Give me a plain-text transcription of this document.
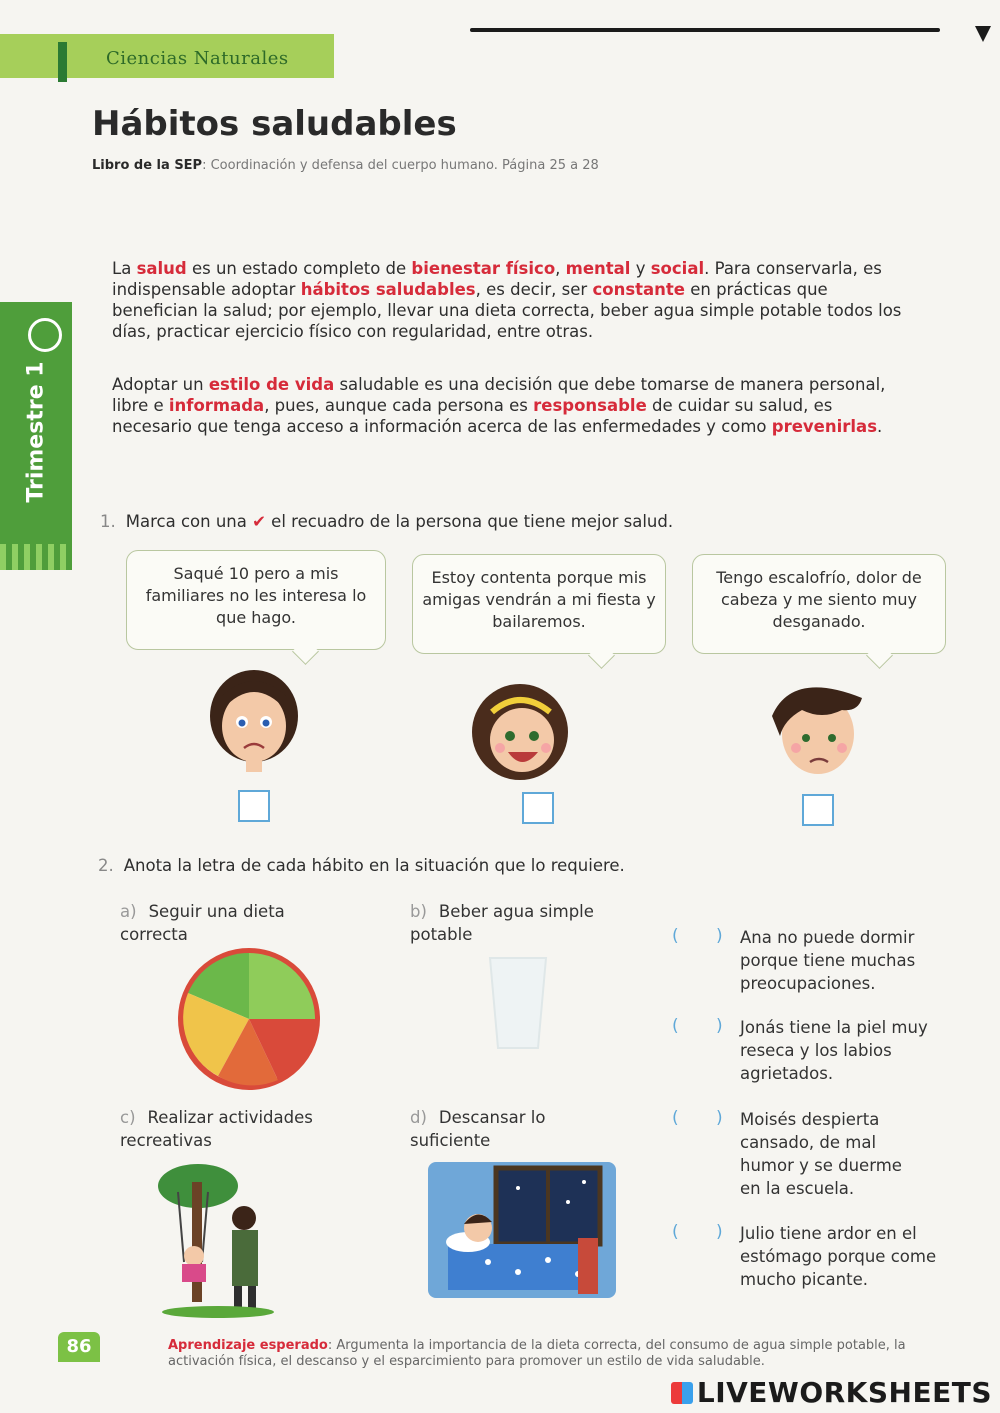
Ciencias Naturales
Hábitos saludables
Libro de la SEP: Coordinación y defensa del cuerpo humano. Página 25 a 28
Trimestre 1
La salud es un estado completo de bienestar físico, mental y social. Para conservarla, es indispensable adoptar hábitos saludables, es decir, ser constante en prácticas que benefician la salud; por ejemplo, llevar una dieta correcta, beber agua simple potable todos los días, practicar ejercicio físico con regularidad, entre otras.
Adoptar un estilo de vida saludable es una decisión que debe tomarse de manera personal, libre e informada, pues, aunque cada persona es responsable de cuidar su salud, es necesario que tenga acceso a información acerca de las enfermedades y como prevenirlas.
1. Marca con una ✔ el recuadro de la persona que tiene mejor salud.
Saqué 10 pero a mis familiares no les interesa lo que hago.
Estoy contenta porque mis amigas vendrán a mi fiesta y bailaremos.
Tengo escalofrío, dolor de cabeza y me siento muy desganado.
2. Anota la letra de cada hábito en la situación que lo requiere.
a) Seguir una dieta correcta
b) Beber agua simple potable
c) Realizar actividades recreativas
d) Descansar lo suficiente
( ) Ana no puede dormir porque tiene muchas preocupaciones.
( ) Jonás tiene la piel muy reseca y los labios agrietados.
( ) Moisés despierta cansado, de mal humor y se duerme en la escuela.
( ) Julio tiene ardor en el estómago porque come mucho picante.
86	Aprendizaje esperado: Argumenta la importancia de la dieta correcta, del consumo de agua simple potable, la activación física, el descanso y el esparcimiento para promover un estilo de vida saludable.
LIVEWORKSHEETS
